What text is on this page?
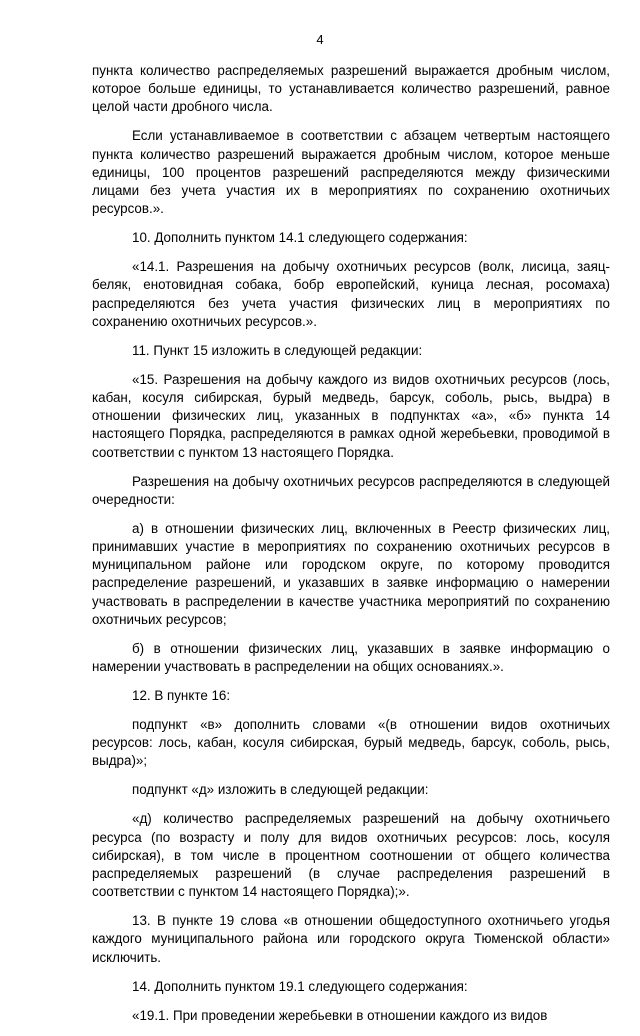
4

пункта количество распределяемых разрешений выражается дробным числом, которое больше единицы, то устанавливается количество разрешений, равное целой части дробного числа.

Если устанавливаемое в соответствии с абзацем четвертым настоящего пункта количество разрешений выражается дробным числом, которое меньше единицы, 100 процентов разрешений распределяются между физическими лицами без учета участия их в мероприятиях по сохранению охотничьих ресурсов.».

10. Дополнить пунктом 14.1 следующего содержания:

«14.1. Разрешения на добычу охотничьих ресурсов (волк, лисица, заяц-беляк, енотовидная собака, бобр европейский, куница лесная, росомаха) распределяются без учета участия физических лиц в мероприятиях по сохранению охотничьих ресурсов.».

11. Пункт 15 изложить в следующей редакции:

«15. Разрешения на добычу каждого из видов охотничьих ресурсов (лось, кабан, косуля сибирская, бурый медведь, барсук, соболь, рысь, выдра) в отношении физических лиц, указанных в подпунктах «а», «б» пункта 14 настоящего Порядка, распределяются в рамках одной жеребьевки, проводимой в соответствии с пунктом 13 настоящего Порядка.

Разрешения на добычу охотничьих ресурсов распределяются в следующей очередности:

а) в отношении физических лиц, включенных в Реестр физических лиц, принимавших участие в мероприятиях по сохранению охотничьих ресурсов в муниципальном районе или городском округе, по которому проводится распределение разрешений, и указавших в заявке информацию о намерении участвовать в распределении в качестве участника мероприятий по сохранению охотничьих ресурсов;

б) в отношении физических лиц, указавших в заявке информацию о намерении участвовать в распределении на общих основаниях.».

12. В пункте 16:

подпункт «в» дополнить словами «(в отношении видов охотничьих ресурсов: лось, кабан, косуля сибирская, бурый медведь, барсук, соболь, рысь, выдра)»;

подпункт «д» изложить в следующей редакции:

«д) количество распределяемых разрешений на добычу охотничьего ресурса (по возрасту и полу для видов охотничьих ресурсов: лось, косуля сибирская), в том числе в процентном соотношении от общего количества распределяемых разрешений (в случае распределения разрешений в соответствии с пунктом 14 настоящего Порядка);».

13. В пункте 19 слова «в отношении общедоступного охотничьего угодья каждого муниципального района или городского округа Тюменской области» исключить.

14. Дополнить пунктом 19.1 следующего содержания:

«19.1. При проведении жеребьевки в отношении каждого из видов
